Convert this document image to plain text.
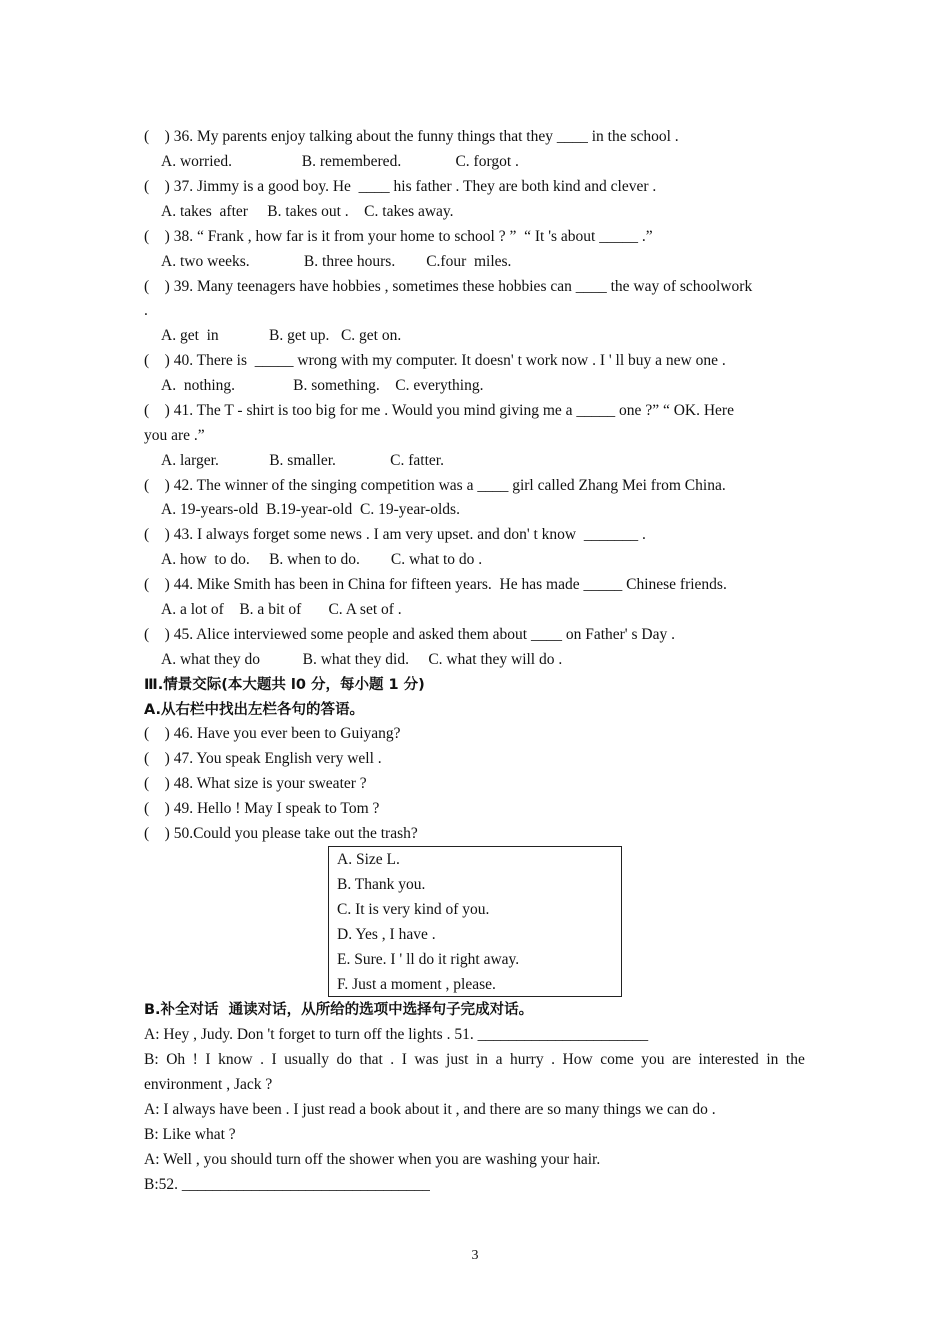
(    ) 36. My parents enjoy talking about the funny things that they ____ in the school .
A. worried.                  B. remembered.              C. forgot .
(    ) 37. Jimmy is a good boy. He  ____ his father . They are both kind and clever .
A. takes  after     B. takes out .    C. takes away.
(    ) 38. “ Frank , how far is it from your home to school ? ”  “ It 's about _____ .”
A. two weeks.              B. three hours.        C.four  miles.
(    ) 39. Many teenagers have hobbies , sometimes these hobbies can ____ the way of schoolwork
.
A. get  in             B. get up.   C. get on.
(    ) 40. There is  _____ wrong with my computer. It doesn' t work now . I ' ll buy a new one .
A.  nothing.               B. something.    C. everything.
(    ) 41. The T - shirt is too big for me . Would you mind giving me a _____ one ?” “ OK. Here
you are .”
A. larger.             B. smaller.              C. fatter.
(    ) 42. The winner of the singing competition was a ____ girl called Zhang Mei from China.
A. 19-years-old  B.19-year-old  C. 19-year-olds.
(    ) 43. I always forget some news . I am very upset. and don' t know  _______ .
A. how  to do.     B. when to do.        C. what to do .
(    ) 44. Mike Smith has been in China for fifteen years.  He has made _____ Chinese friends.
A. a lot of    B. a bit of       C. A set of .
(    ) 45. Alice interviewed some people and asked them about ____ on Father' s Day .
A. what they do           B. what they did.     C. what they will do .
Ⅲ.情景交际(本大题共 l0 分，每小题 1 分)
A.从右栏中找出左栏各句的答语。
(    ) 46. Have you ever been to Guiyang?
(    ) 47. You speak English very well .
(    ) 48. What size is your sweater ?
(    ) 49. Hello ! May I speak to Tom ?
(    ) 50.Could you please take out the trash?
A. Size L.
B. Thank you.
C. It is very kind of you.
D. Yes , I have .
E. Sure. I ' ll do it right away.
F. Just a moment , please.
B.补全对话  通读对话，从所给的选项中选择句子完成对话。
A: Hey , Judy. Don 't forget to turn off the lights . 51. ______________________
B: Oh ! I know . I usually do that . I was just in a hurry . How come you are interested in the
environment , Jack ?
A: I always have been . I just read a book about it , and there are so many things we can do .
B: Like what ?
A: Well , you should turn off the shower when you are washing your hair.
B:52. ________________________________
3
